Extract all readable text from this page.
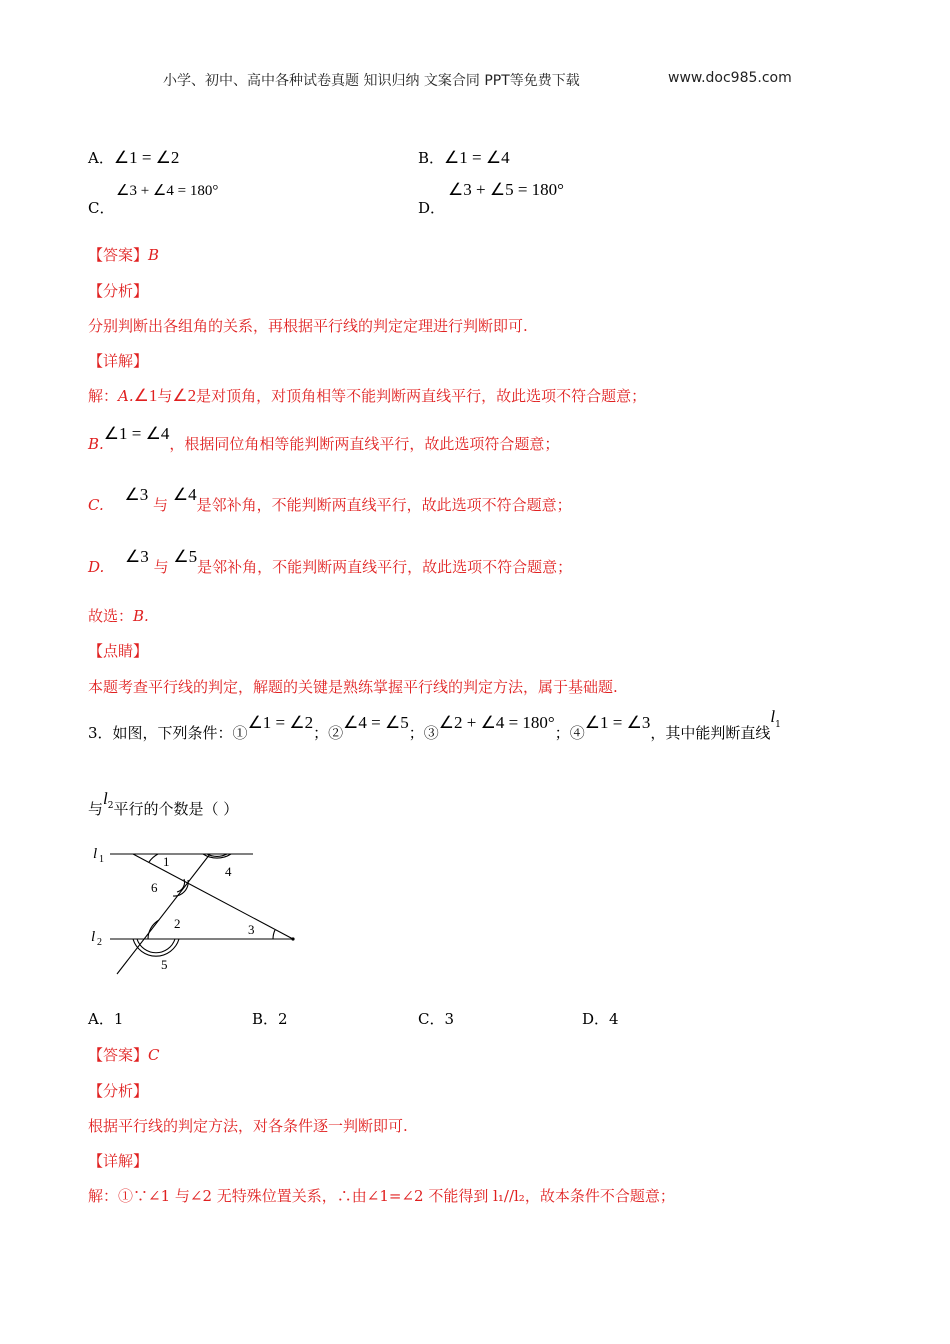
小学、初中、高中各种试卷真题 知识归纳 文案合同 PPT等免费下载	www.doc985.com
A．∠1 = ∠2	B．∠1 = ∠4
C．
∠3 + ∠4 = 180°
D．
∠3 + ∠5 = 180°
【答案】B
【分析】
分别判断出各组角的关系，再根据平行线的判定定理进行判断即可.
【详解】
解：A.∠1与∠2是对顶角，对顶角相等不能判断两直线平行，故此选项不符合题意；
B.∠1 = ∠4，根据同位角相等能判断两直线平行，故此选项符合题意；
C. ∠3 与 ∠4是邻补角，不能判断两直线平行，故此选项不符合题意；
D. ∠3 与 ∠5是邻补角，不能判断两直线平行，故此选项不符合题意；
故选：B.
【点睛】
本题考查平行线的判定，解题的关键是熟练掌握平行线的判定方法，属于基础题.
3．如图，下列条件：①∠1 = ∠2；②∠4 = ∠5；③∠2 + ∠4 = 180°；④∠1 = ∠3，其中能判断直线$l^1$
与$l^2$平行的个数是（ ）
l 1
l 2
1
4
6
2	3
5
A．1	B．2	C．3	D．4
【答案】C
【分析】
根据平行线的判定方法，对各条件逐一判断即可.
【详解】
解：①∵∠1 与∠2 无特殊位置关系，∴由∠1=∠2 不能得到 l₁//l₂，故本条件不合题意；
